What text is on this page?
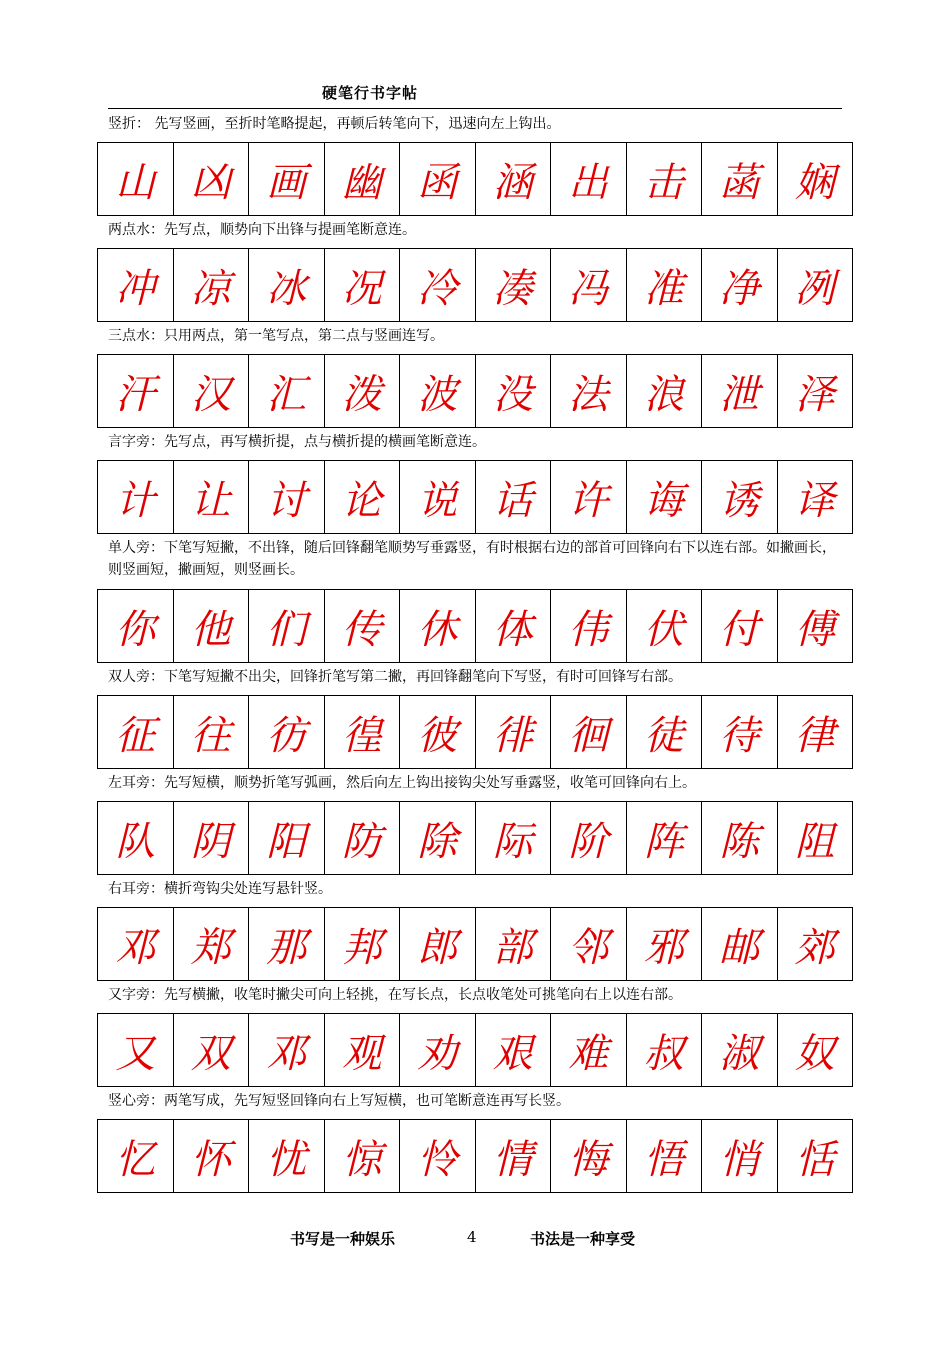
硬笔行书字帖
竖折： 先写竖画，至折时笔略提起，再顿后转笔向下，迅速向左上钩出。
山 凶 画 幽 函 涵 出 击 菡 娴
两点水：先写点，顺势向下出锋与提画笔断意连。
冲 凉 冰 况 冷 凑 冯 准 净 冽
三点水：只用两点，第一笔写点，第二点与竖画连写。
汗 汉 汇 泼 波 没 法 浪 泄 泽
言字旁：先写点，再写横折提，点与横折提的横画笔断意连。
计 让 讨 论 说 话 许 诲 诱 译
单人旁：下笔写短撇，不出锋，随后回锋翻笔顺势写垂露竖，有时根据右边的部首可回锋向右下以连右部。如撇画长，则竖画短，撇画短，则竖画长。
你 他 们 传 休 体 伟 伏 付 傅
双人旁：下笔写短撇不出尖，回锋折笔写第二撇，再回锋翻笔向下写竖，有时可回锋写右部。
征 往 彷 徨 彼 徘 徊 徒 待 律
左耳旁：先写短横，顺势折笔写弧画，然后向左上钩出接钩尖处写垂露竖，收笔可回锋向右上。
队 阴 阳 防 除 际 阶 阵 陈 阻
右耳旁：横折弯钩尖处连写悬针竖。
邓 郑 那 邦 郎 部 邻 邪 邮 郊
又字旁：先写横撇，收笔时撇尖可向上轻挑，在写长点，长点收笔处可挑笔向右上以连右部。
又 双 邓 观 劝 艰 难 叔 淑 奴
竖心旁：两笔写成，先写短竖回锋向右上写短横，也可笔断意连再写长竖。
忆 怀 忧 惊 怜 情 悔 悟 悄 恬
书写是一种娱乐	4	书法是一种享受
